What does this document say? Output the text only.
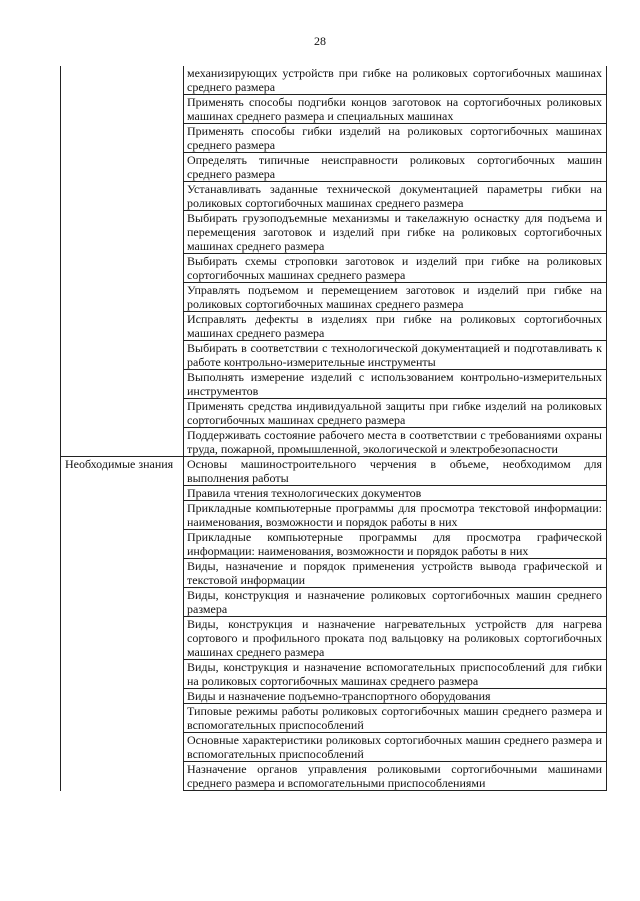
28
	механизирующих устройств при гибке на роликовых сортогибочных машинах среднего размера
	Применять способы подгибки концов заготовок на сортогибочных роликовых машинах среднего размера и специальных машинах
	Применять способы гибки изделий на роликовых сортогибочных машинах среднего размера
	Определять типичные неисправности роликовых сортогибочных машин среднего размера
	Устанавливать заданные технической документацией параметры гибки на роликовых сортогибочных машинах среднего размера
	Выбирать грузоподъемные механизмы и такелажную оснастку для подъема и перемещения заготовок и изделий при гибке на роликовых сортогибочных машинах среднего размера
	Выбирать схемы строповки заготовок и изделий при гибке на роликовых сортогибочных машинах среднего размера
	Управлять подъемом и перемещением заготовок и изделий при гибке на роликовых сортогибочных машинах среднего размера
	Исправлять дефекты в изделиях при гибке на роликовых сортогибочных машинах среднего размера
	Выбирать в соответствии с технологической документацией и подготавливать к работе контрольно-измерительные инструменты
	Выполнять измерение изделий с использованием контрольно-измерительных инструментов
	Применять средства индивидуальной защиты при гибке изделий на роликовых сортогибочных машинах среднего размера
	Поддерживать состояние рабочего места в соответствии с требованиями охраны труда, пожарной, промышленной, экологической и электробезопасности
Необходимые знания	Основы машиностроительного черчения в объеме, необходимом для выполнения работы
	Правила чтения технологических документов
	Прикладные компьютерные программы для просмотра текстовой информации: наименования, возможности и порядок работы в них
	Прикладные компьютерные программы для просмотра графической информации: наименования, возможности и порядок работы в них
	Виды, назначение и порядок применения устройств вывода графической и текстовой информации
	Виды, конструкция и назначение роликовых сортогибочных машин среднего размера
	Виды, конструкция и назначение нагревательных устройств для нагрева сортового и профильного проката под вальцовку на роликовых сортогибочных машинах среднего размера
	Виды, конструкция и назначение вспомогательных приспособлений для гибки на роликовых сортогибочных машинах среднего размера
	Виды и назначение подъемно-транспортного оборудования
	Типовые режимы работы роликовых сортогибочных машин среднего размера и вспомогательных приспособлений
	Основные характеристики роликовых сортогибочных машин среднего размера и вспомогательных приспособлений
	Назначение органов управления роликовыми сортогибочными машинами среднего размера и вспомогательными приспособлениями
